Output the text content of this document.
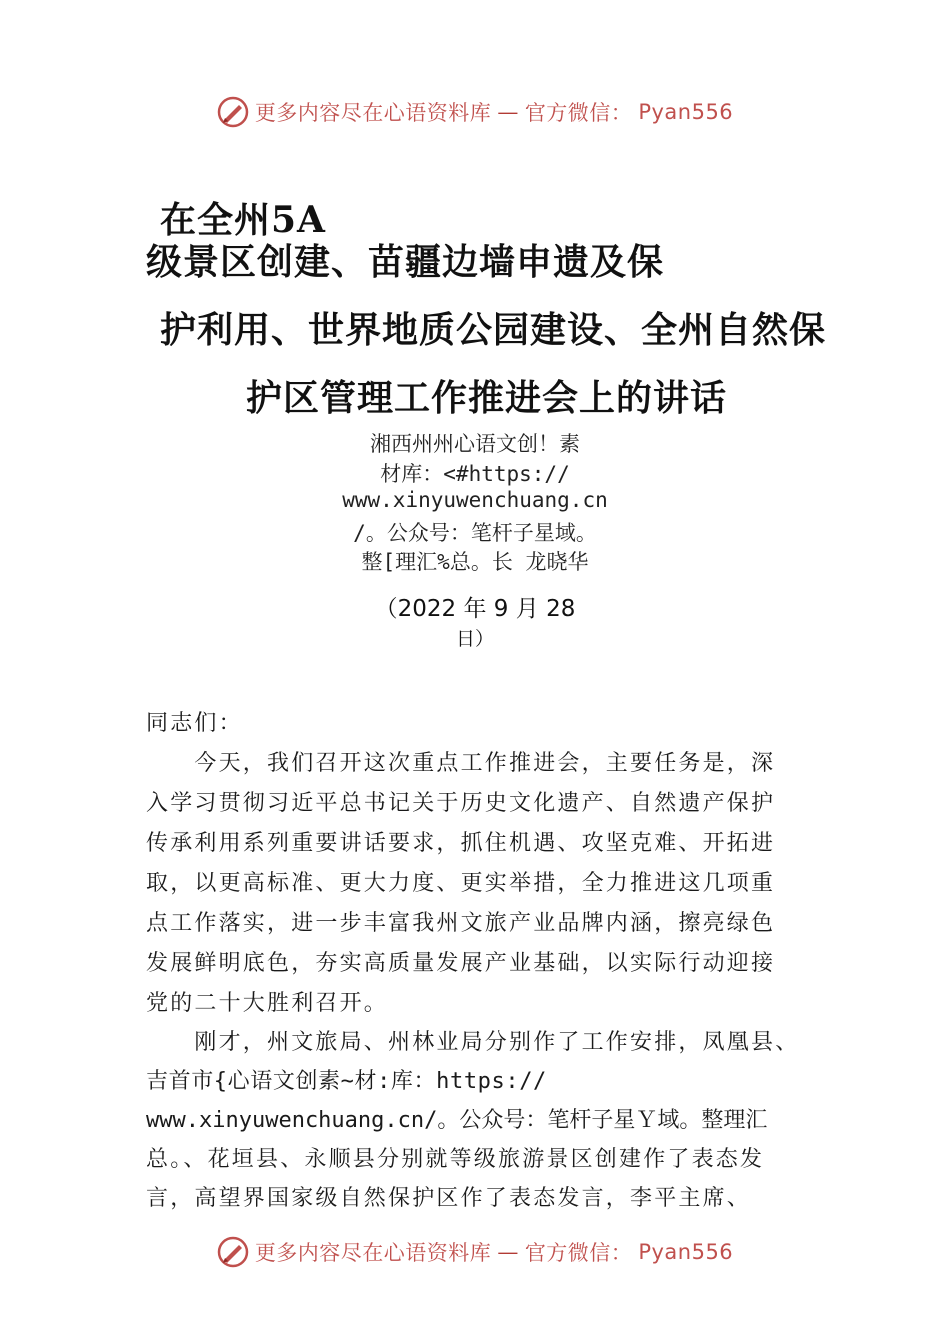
更多内容尽在心语资料库 — 官方微信： Pyan556
在全州5A
级景区创建、苗疆边墙申遗及保
护利用、世界地质公园建设、全州自然保
护区管理工作推进会上的讲话
湘西州州心语文创！素
材库：<#https://
www.xinyuwenchuang.cn
/。公众号：笔杆子星域。
整[理汇%总。长 龙晓华
（2022 年 9 月 28
日）
同志们：
　　今天，我们召开这次重点工作推进会，主要任务是，深
入学习贯彻习近平总书记关于历史文化遗产、自然遗产保护
传承利用系列重要讲话要求，抓住机遇、攻坚克难、开拓进
取，以更高标准、更大力度、更实举措，全力推进这几项重
点工作落实，进一步丰富我州文旅产业品牌内涵，擦亮绿色
发展鲜明底色，夯实高质量发展产业基础，以实际行动迎接
党的二十大胜利召开。
　　刚才，州文旅局、州林业局分别作了工作安排，凤凰县、
吉首市{心语文创素~材:库：https://
www.xinyuwenchuang.cn/。公众号：笔杆子星Ｙ域。整理汇
总。、花垣县、永顺县分别就等级旅游景区创建作了表态发
言，高望界国家级自然保护区作了表态发言，李平主席、
更多内容尽在心语资料库 — 官方微信： Pyan556
